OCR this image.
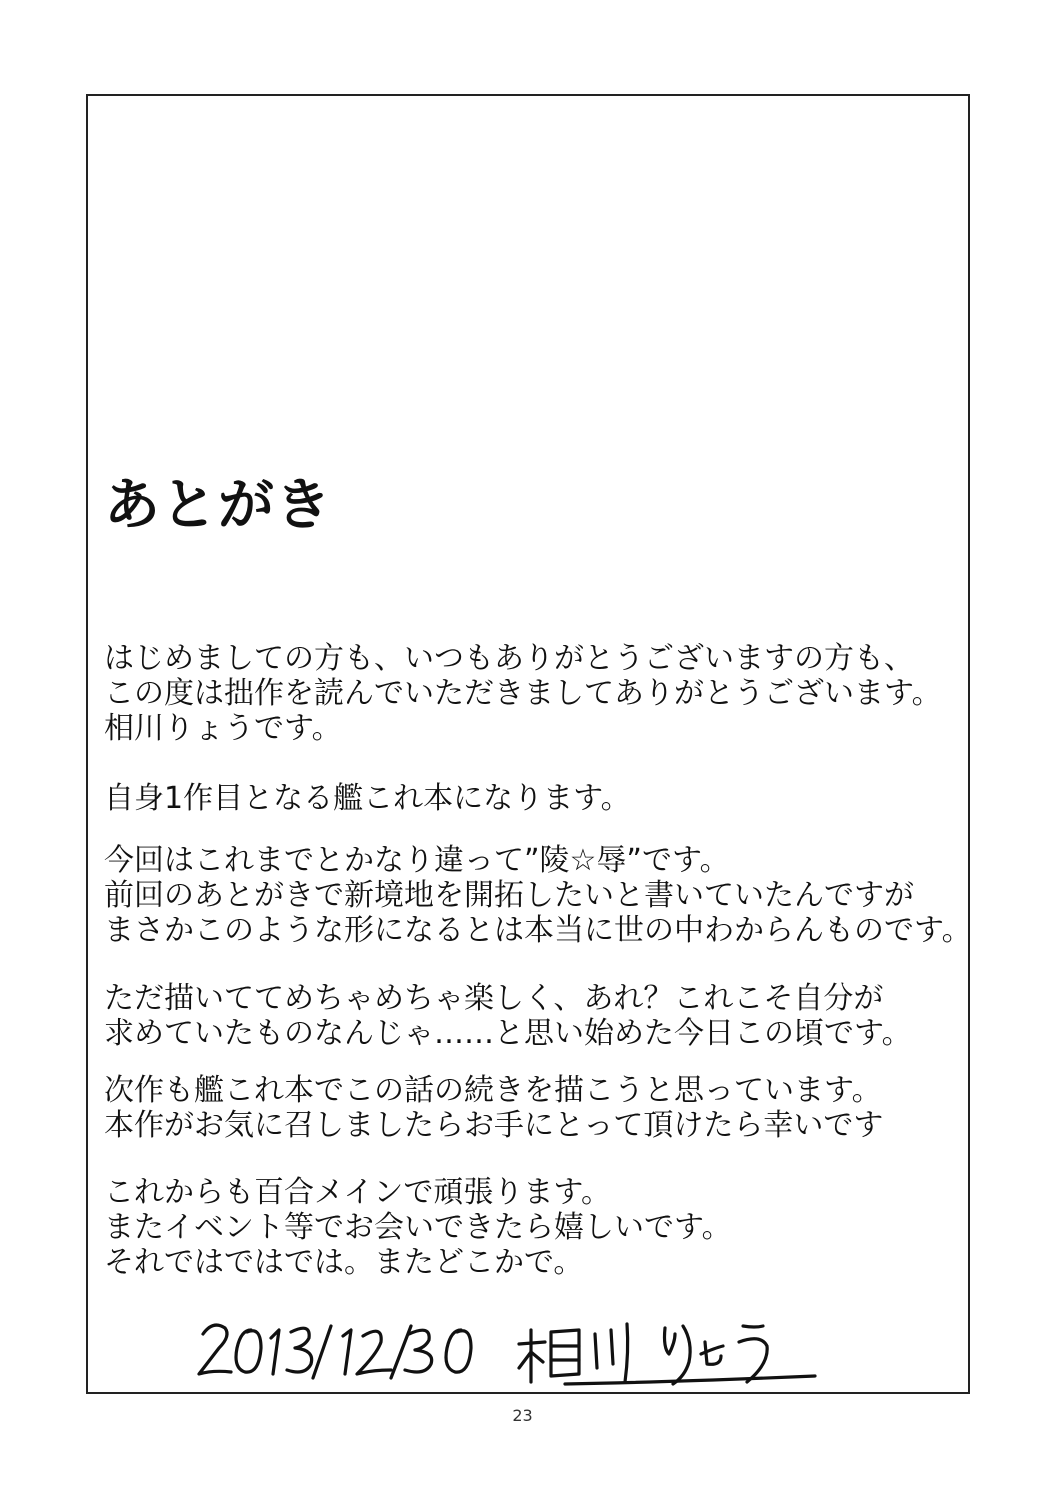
あとがき
はじめましての方も、いつもありがとうございますの方も、
この度は拙作を読んでいただきましてありがとうございます。
相川りょうです。
自身1作目となる艦これ本になります。
今回はこれまでとかなり違って”陵☆辱”です。
前回のあとがきで新境地を開拓したいと書いていたんですが
まさかこのような形になるとは本当に世の中わからんものです。
ただ描いててめちゃめちゃ楽しく、あれ？これこそ自分が
求めていたものなんじゃ……と思い始めた今日この頃です。
次作も艦これ本でこの話の続きを描こうと思っています。
本作がお気に召しましたらお手にとって頂けたら幸いです
これからも百合メインで頑張ります。
またイベント等でお会いできたら嬉しいです。
それではではでは。またどこかで。
23
